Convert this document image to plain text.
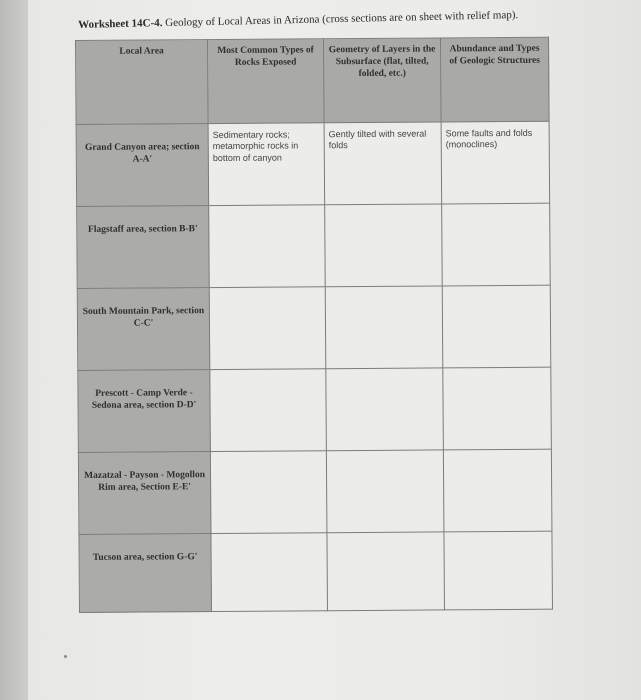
Worksheet 14C-4. Geology of Local Areas in Arizona (cross sections are on sheet with relief map).
Local Area	Most Common Types of Rocks Exposed	Geometry of Layers in the Subsurface (flat, tilted, folded, etc.)	Abundance and Types of Geologic Structures
Grand Canyon area; section A-A'	Sedimentary rocks; metamorphic rocks in bottom of canyon	Gently tilted with several folds	Some faults and folds (monoclines)
Flagstaff area, section B-B'			
South Mountain Park, section C-C'			
Prescott - Camp Verde - Sedona area, section D-D'			
Mazatzal - Payson - Mogollon Rim area, Section E-E'			
Tucson area, section G-G'			
